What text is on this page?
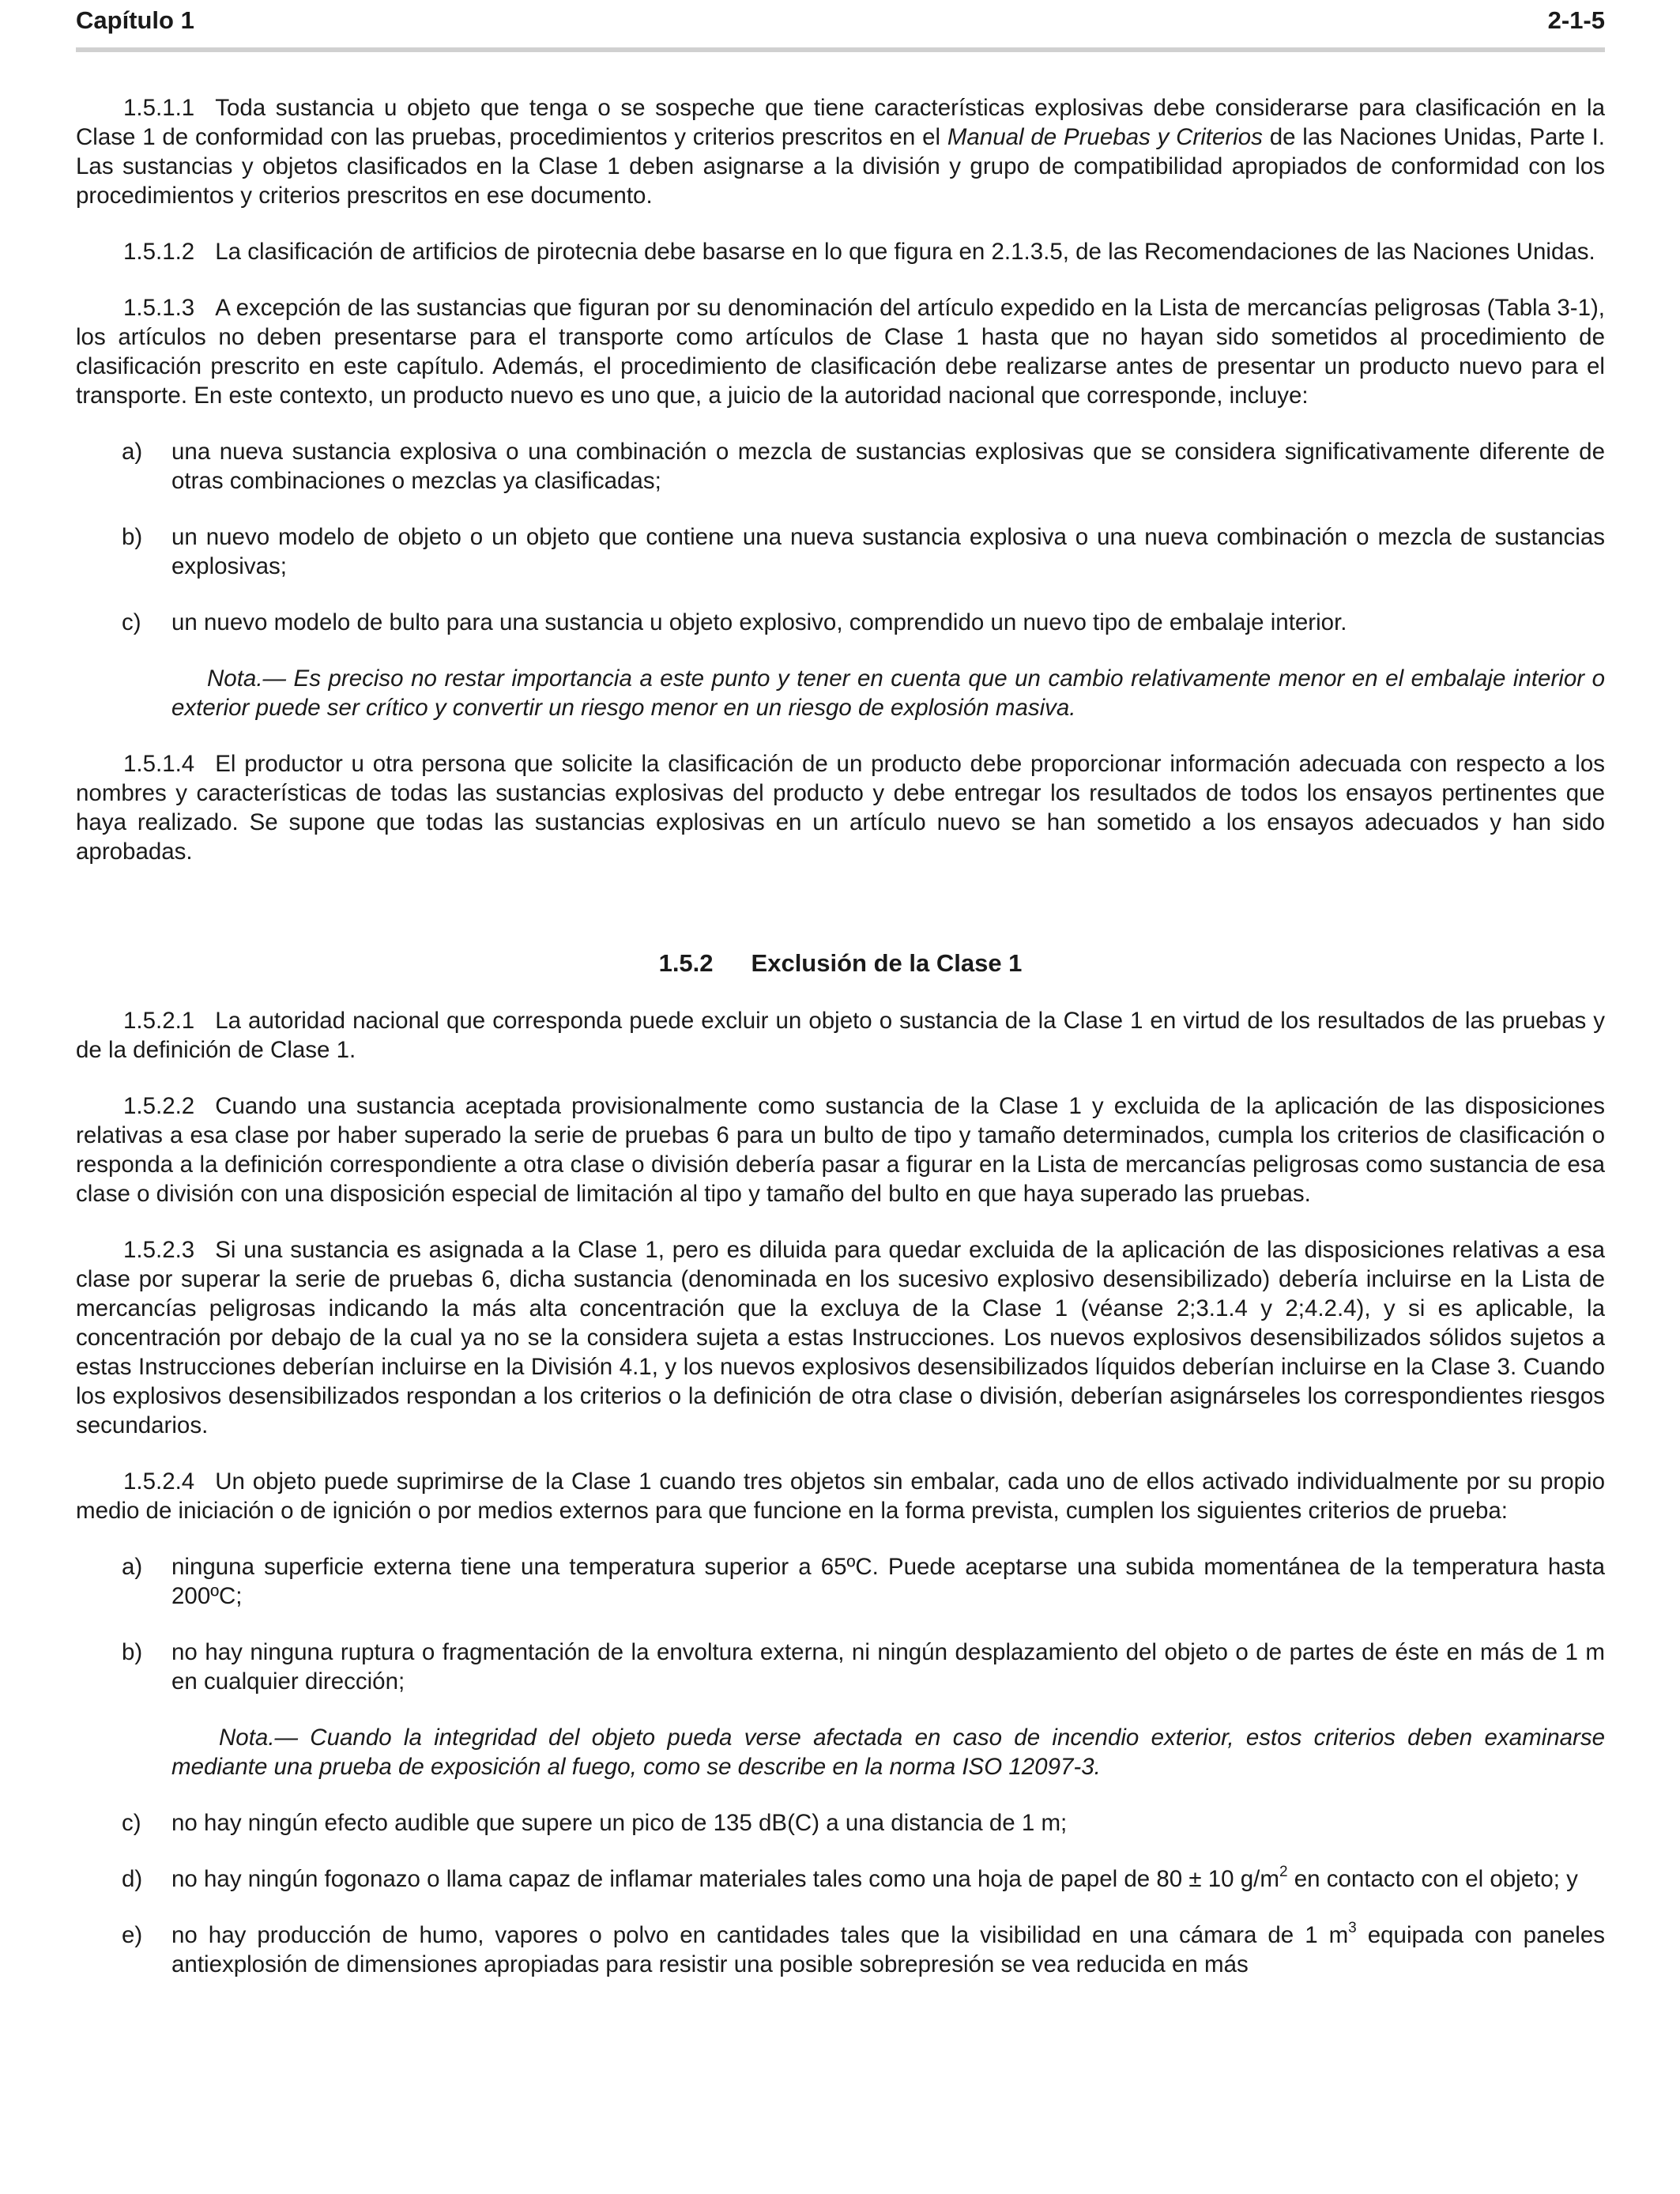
Capítulo 1	2-1-5

1.5.1.1 Toda sustancia u objeto que tenga o se sospeche que tiene características explosivas debe considerarse para clasificación en la Clase 1 de conformidad con las pruebas, procedimientos y criterios prescritos en el Manual de Pruebas y Criterios de las Naciones Unidas, Parte I. Las sustancias y objetos clasificados en la Clase 1 deben asignarse a la división y grupo de compatibilidad apropiados de conformidad con los procedimientos y criterios prescritos en ese documento.

1.5.1.2 La clasificación de artificios de pirotecnia debe basarse en lo que figura en 2.1.3.5, de las Recomendaciones de las Naciones Unidas.

1.5.1.3 A excepción de las sustancias que figuran por su denominación del artículo expedido en la Lista de mercancías peligrosas (Tabla 3-1), los artículos no deben presentarse para el transporte como artículos de Clase 1 hasta que no hayan sido sometidos al procedimiento de clasificación prescrito en este capítulo. Además, el procedimiento de clasificación debe realizarse antes de presentar un producto nuevo para el transporte. En este contexto, un producto nuevo es uno que, a juicio de la autoridad nacional que corresponde, incluye:

a) una nueva sustancia explosiva o una combinación o mezcla de sustancias explosivas que se considera significativamente diferente de otras combinaciones o mezclas ya clasificadas;

b) un nuevo modelo de objeto o un objeto que contiene una nueva sustancia explosiva o una nueva combinación o mezcla de sustancias explosivas;

c) un nuevo modelo de bulto para una sustancia u objeto explosivo, comprendido un nuevo tipo de embalaje interior.

Nota.— Es preciso no restar importancia a este punto y tener en cuenta que un cambio relativamente menor en el embalaje interior o exterior puede ser crítico y convertir un riesgo menor en un riesgo de explosión masiva.

1.5.1.4 El productor u otra persona que solicite la clasificación de un producto debe proporcionar información adecuada con respecto a los nombres y características de todas las sustancias explosivas del producto y debe entregar los resultados de todos los ensayos pertinentes que haya realizado. Se supone que todas las sustancias explosivas en un artículo nuevo se han sometido a los ensayos adecuados y han sido aprobadas.

1.5.2 Exclusión de la Clase 1

1.5.2.1 La autoridad nacional que corresponda puede excluir un objeto o sustancia de la Clase 1 en virtud de los resultados de las pruebas y de la definición de Clase 1.

1.5.2.2 Cuando una sustancia aceptada provisionalmente como sustancia de la Clase 1 y excluida de la aplicación de las disposiciones relativas a esa clase por haber superado la serie de pruebas 6 para un bulto de tipo y tamaño determinados, cumpla los criterios de clasificación o responda a la definición correspondiente a otra clase o división debería pasar a figurar en la Lista de mercancías peligrosas como sustancia de esa clase o división con una disposición especial de limitación al tipo y tamaño del bulto en que haya superado las pruebas.

1.5.2.3 Si una sustancia es asignada a la Clase 1, pero es diluida para quedar excluida de la aplicación de las disposiciones relativas a esa clase por superar la serie de pruebas 6, dicha sustancia (denominada en los sucesivo explosivo desensibilizado) debería incluirse en la Lista de mercancías peligrosas indicando la más alta concentración que la excluya de la Clase 1 (véanse 2;3.1.4 y 2;4.2.4), y si es aplicable, la concentración por debajo de la cual ya no se la considera sujeta a estas Instrucciones. Los nuevos explosivos desensibilizados sólidos sujetos a estas Instrucciones deberían incluirse en la División 4.1, y los nuevos explosivos desensibilizados líquidos deberían incluirse en la Clase 3. Cuando los explosivos desensibilizados respondan a los criterios o la definición de otra clase o división, deberían asignárseles los correspondientes riesgos secundarios.

1.5.2.4 Un objeto puede suprimirse de la Clase 1 cuando tres objetos sin embalar, cada uno de ellos activado individualmente por su propio medio de iniciación o de ignición o por medios externos para que funcione en la forma prevista, cumplen los siguientes criterios de prueba:

a) ninguna superficie externa tiene una temperatura superior a 65ºC. Puede aceptarse una subida momentánea de la temperatura hasta 200ºC;

b) no hay ninguna ruptura o fragmentación de la envoltura externa, ni ningún desplazamiento del objeto o de partes de éste en más de 1 m en cualquier dirección;

Nota.— Cuando la integridad del objeto pueda verse afectada en caso de incendio exterior, estos criterios deben examinarse mediante una prueba de exposición al fuego, como se describe en la norma ISO 12097-3.

c) no hay ningún efecto audible que supere un pico de 135 dB(C) a una distancia de 1 m;

d) no hay ningún fogonazo o llama capaz de inflamar materiales tales como una hoja de papel de 80 ± 10 $g/m^2$ en contacto con el objeto; y

e) no hay producción de humo, vapores o polvo en cantidades tales que la visibilidad en una cámara de 1 $m^3$ equipada con paneles antiexplosión de dimensiones apropiadas para resistir una posible sobrepresión se vea reducida en más
